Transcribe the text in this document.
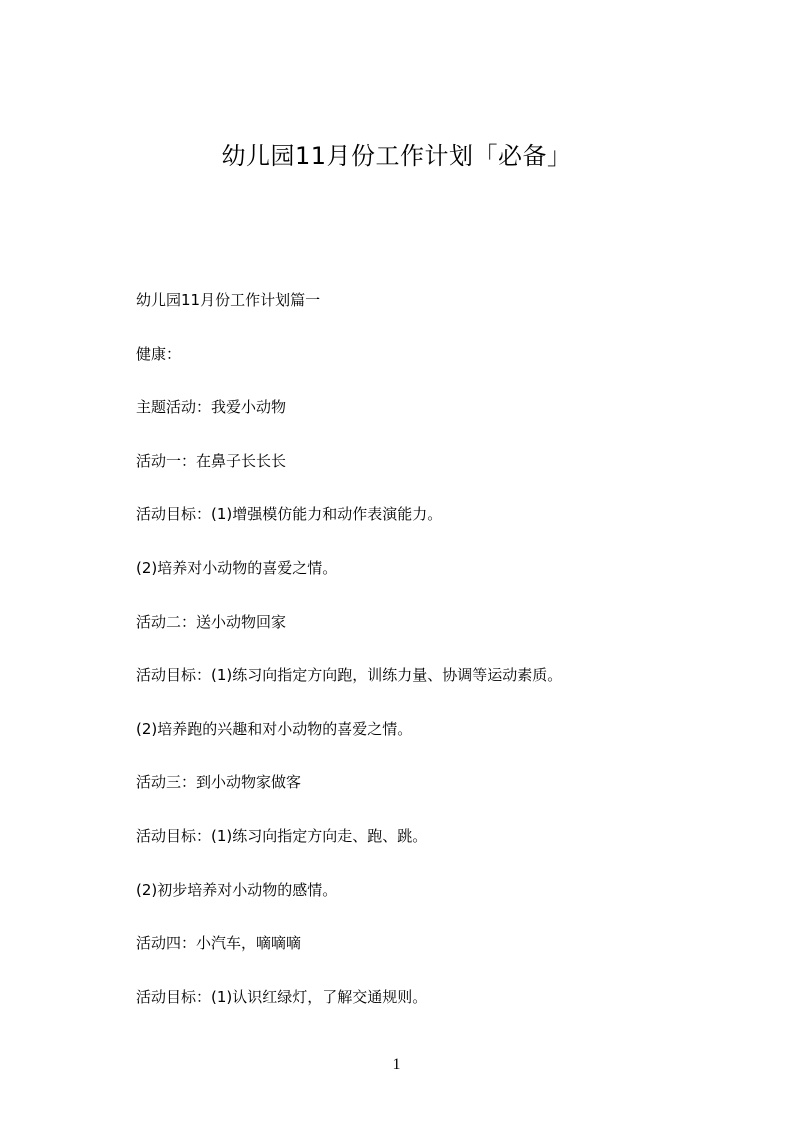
幼儿园11月份工作计划「必备」
幼儿园11月份工作计划篇一
健康：
主题活动：我爱小动物
活动一：在鼻子长长长
活动目标：(1)增强模仿能力和动作表演能力。
(2)培养对小动物的喜爱之情。
活动二：送小动物回家
活动目标：(1)练习向指定方向跑，训练力量、协调等运动素质。
(2)培养跑的兴趣和对小动物的喜爱之情。
活动三：到小动物家做客
活动目标：(1)练习向指定方向走、跑、跳。
(2)初步培养对小动物的感情。
活动四：小汽车，嘀嘀嘀
活动目标：(1)认识红绿灯，了解交通规则。
1
